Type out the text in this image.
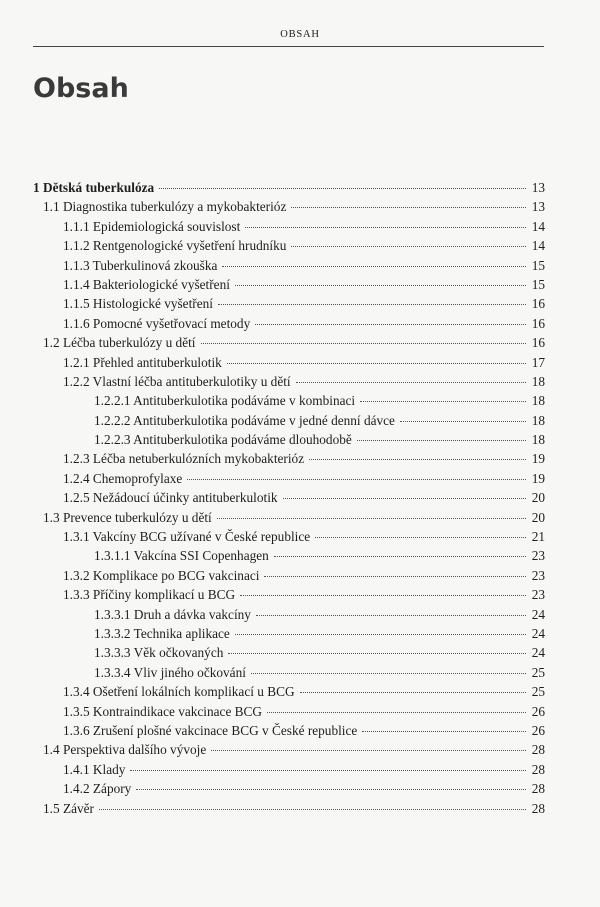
OBSAH
Obsah
1 Dětská tuberkulóza	13
1.1 Diagnostika tuberkulózy a mykobakterióz	13
1.1.1 Epidemiologická souvislost	14
1.1.2 Rentgenologické vyšetření hrudníku	14
1.1.3 Tuberkulinová zkouška	15
1.1.4 Bakteriologické vyšetření	15
1.1.5 Histologické vyšetření	16
1.1.6 Pomocné vyšetřovací metody	16
1.2 Léčba tuberkulózy u dětí	16
1.2.1 Přehled antituberkulotik	17
1.2.2 Vlastní léčba antituberkulotiky u dětí	18
1.2.2.1 Antituberkulotika podáváme v kombinaci	18
1.2.2.2 Antituberkulotika podáváme v jedné denní dávce	18
1.2.2.3 Antituberkulotika podáváme dlouhodobě	18
1.2.3 Léčba netuberkulózních mykobakterióz	19
1.2.4 Chemoprofylaxe	19
1.2.5 Nežádoucí účinky antituberkulotik	20
1.3 Prevence tuberkulózy u dětí	20
1.3.1 Vakcíny BCG užívané v České republice	21
1.3.1.1 Vakcína SSI Copenhagen	23
1.3.2 Komplikace po BCG vakcinaci	23
1.3.3 Příčiny komplikací u BCG	23
1.3.3.1 Druh a dávka vakcíny	24
1.3.3.2 Technika aplikace	24
1.3.3.3 Věk očkovaných	24
1.3.3.4 Vliv jiného očkování	25
1.3.4 Ošetření lokálních komplikací u BCG	25
1.3.5 Kontraindikace vakcinace BCG	26
1.3.6 Zrušení plošné vakcinace BCG v České republice	26
1.4 Perspektiva dalšího vývoje	28
1.4.1 Klady	28
1.4.2 Zápory	28
1.5 Závěr	28
